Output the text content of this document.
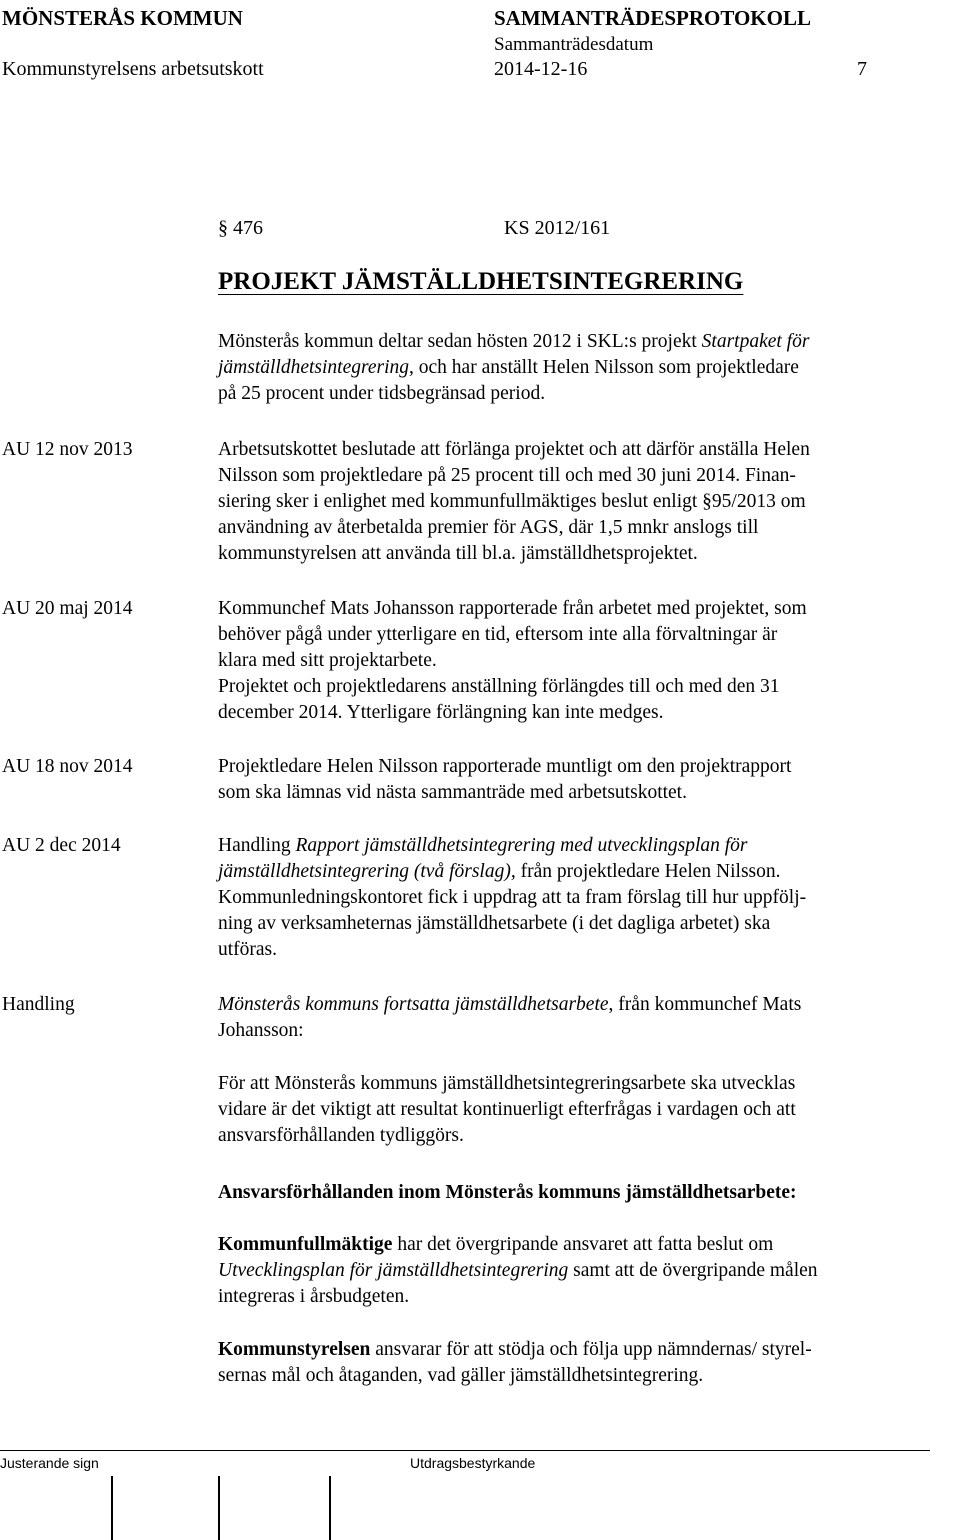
MÖNSTERÅS KOMMUN	SAMMANTRÄDESPROTOKOLL
Sammanträdesdatum
Kommunstyrelsens arbetsutskott	2014-12-16	7
§ 476	KS 2012/161
PROJEKT JÄMSTÄLLDHETSINTEGRERING
Mönsterås kommun deltar sedan hösten 2012 i SKL:s projekt Startpaket för
jämställdhetsintegrering, och har anställt Helen Nilsson som projektledare
på 25 procent under tidsbegränsad period.
AU 12 nov 2013	Arbetsutskottet beslutade att förlänga projektet och att därför anställa Helen
Nilsson som projektledare på 25 procent till och med 30 juni 2014. Finan-
siering sker i enlighet med kommunfullmäktiges beslut enligt §95/2013 om
användning av återbetalda premier för AGS, där 1,5 mnkr anslogs till
kommunstyrelsen att använda till bl.a. jämställdhetsprojektet.
AU 20 maj 2014	Kommunchef Mats Johansson rapporterade från arbetet med projektet, som
behöver pågå under ytterligare en tid, eftersom inte alla förvaltningar är
klara med sitt projektarbete.
Projektet och projektledarens anställning förlängdes till och med den 31
december 2014. Ytterligare förlängning kan inte medges.
AU 18 nov 2014	Projektledare Helen Nilsson rapporterade muntligt om den projektrapport
som ska lämnas vid nästa sammanträde med arbetsutskottet.
AU 2 dec 2014	Handling Rapport jämställdhetsintegrering med utvecklingsplan för
jämställdhetsintegrering (två förslag), från projektledare Helen Nilsson.
Kommunledningskontoret fick i uppdrag att ta fram förslag till hur uppfölj-
ning av verksamheternas jämställdhetsarbete (i det dagliga arbetet) ska
utföras.
Handling	Mönsterås kommuns fortsatta jämställdhetsarbete, från kommunchef Mats
Johansson:
För att Mönsterås kommuns jämställdhetsintegreringsarbete ska utvecklas
vidare är det viktigt att resultat kontinuerligt efterfrågas i vardagen och att
ansvarsförhållanden tydliggörs.
Ansvarsförhållanden inom Mönsterås kommuns jämställdhetsarbete:
Kommunfullmäktige har det övergripande ansvaret att fatta beslut om
Utvecklingsplan för jämställdhetsintegrering samt att de övergripande målen
integreras i årsbudgeten.
Kommunstyrelsen ansvarar för att stödja och följa upp nämndernas/ styrel-
sernas mål och åtaganden, vad gäller jämställdhetsintegrering.
Justerande sign	Utdragsbestyrkande
